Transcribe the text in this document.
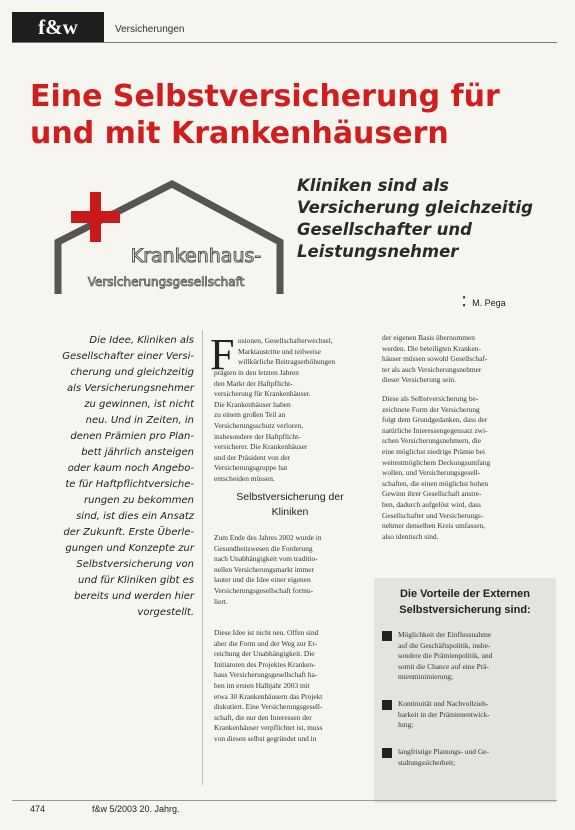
f&w	Versicherungen
Eine Selbstversicherung für
und mit Krankenhäusern
Krankenhaus-
Versicherungsgesellschaft
Kliniken sind als
Versicherung gleichzeitig
Gesellschafter und
Leistungsnehmer
⁚ M. Pega
Die Idee, Kliniken als
Gesellschafter einer Versi-
cherung und gleichzeitig
als Versicherungsnehmer
zu gewinnen, ist nicht
neu. Und in Zeiten, in
denen Prämien pro Plan-
bett jährlich ansteigen
oder kaum noch Angebo-
te für Haftpflichtversiche-
rungen zu bekommen
sind, ist dies ein Ansatz
der Zukunft. Erste Überle-
gungen und Konzepte zur
Selbstversicherung von
und für Kliniken gibt es
bereits und werden hier
vorgestellt.
F usionen, Gesellschafterwechsel,
Marktaustritte und teilweise
willkürliche Beitragserhöhungen
prägten in den letzten Jahren
den Markt der Haftpflicht-
versicherung für Krankenhäuser.
Die Krankenhäuser haben
zu einem großen Teil an
Versicherungsschutz verloren,
insbesondere der Haftpflicht-
versicherer. Die Krankenhäuser
und der Präsident von der
Versicherungsgruppe hat
entscheiden müssen.
Selbstversicherung der
Kliniken
Zum Ende des Jahres 2002 wurde in
Gesundheitswesen die Forderung
nach Unabhängigkeit vom traditio-
nellen Versicherungsmarkt immer
lauter und die Idee einer eigenen
Versicherungsgesellschaft formu-
liert.
Diese Idee ist nicht neu. Offen sind
aber die Form und der Weg zur Er-
reichung der Unabhängigkeit. Die
Initiatoren des Projektes Kranken-
haus Versicherungsgesellschaft ha-
ben im ersten Halbjahr 2003 mit
etwa 30 Krankenhäusern das Projekt
diskutiert. Eine Versicherungsgesell-
schaft, die nur den Interessen der
Krankenhäuser verpflichtet ist, muss
von diesen selbst gegründet und in
der eigenen Basis übernommen
werden. Die beteiligten Kranken-
häuser müssen sowohl Gesellschaf-
ter als auch Versicherungsnehmer
dieser Versicherung sein.
Diese als Selbstversicherung be-
zeichnete Form der Versicherung
folgt dem Grundgedanken, dass der
natürliche Interessengegensatz zwi-
schen Versicherungsnehmern, die
eine möglichst niedrige Prämie bei
weitestmöglichem Deckungsumfang
wollen, und Versicherungsgesell-
schaften, die einen möglichst hohen
Gewinn ihrer Gesellschaft anstre-
ben, dadurch aufgelöst wird, dass
Gesellschafter und Versicherungs-
nehmer denselben Kreis umfassen,
also identisch sind.
Die Vorteile der Externen
Selbstversicherung sind:
Möglichkeit der Einflussnahme
auf die Geschäftspolitik, insbe-
sondere die Prämienpolitik, und
somit die Chance auf eine Prä-
mienminimierung;
Kontinuität und Nachvollzieh-
barkeit in der Prämienentwick-
lung;
langfristige Planungs- und Ge-
staltungssicherheit;
474	f&w 5/2003 20. Jahrg.
